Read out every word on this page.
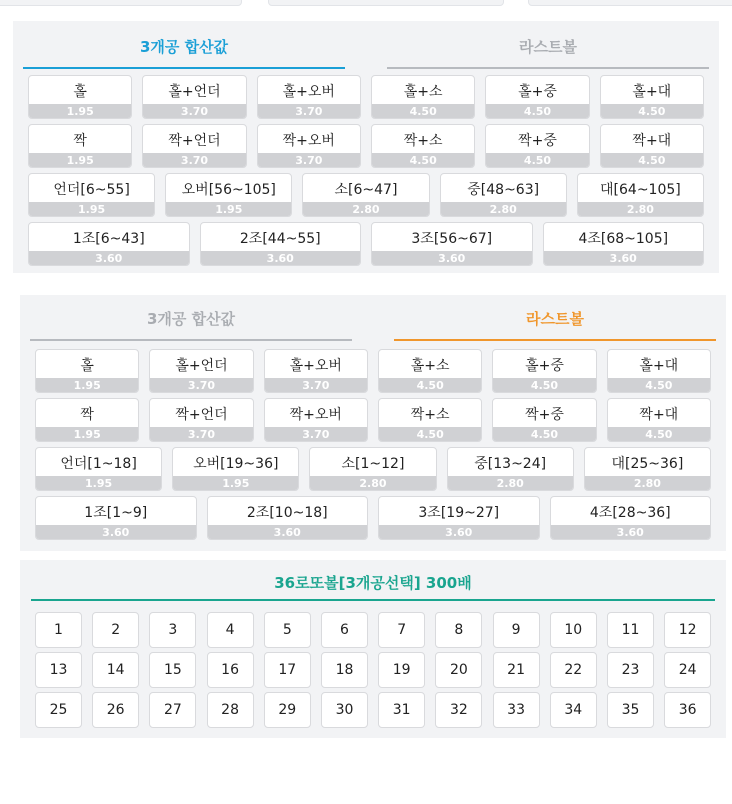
3개공 합산값	라스트볼
홀
1.95
홀+언더
3.70
홀+오버
3.70
홀+소
4.50
홀+중
4.50
홀+대
4.50
짝
1.95
짝+언더
3.70
짝+오버
3.70
짝+소
4.50
짝+중
4.50
짝+대
4.50
언더[6~55]
1.95
오버[56~105]
1.95
소[6~47]
2.80
중[48~63]
2.80
대[64~105]
2.80
1조[6~43]
3.60
2조[44~55]
3.60
3조[56~67]
3.60
4조[68~105]
3.60
3개공 합산값	라스트볼
홀
1.95
홀+언더
3.70
홀+오버
3.70
홀+소
4.50
홀+중
4.50
홀+대
4.50
짝
1.95
짝+언더
3.70
짝+오버
3.70
짝+소
4.50
짝+중
4.50
짝+대
4.50
언더[1~18]
1.95
오버[19~36]
1.95
소[1~12]
2.80
중[13~24]
2.80
대[25~36]
2.80
1조[1~9]
3.60
2조[10~18]
3.60
3조[19~27]
3.60
4조[28~36]
3.60
36로또볼[3개공선택] 300배
1	2	3	4	5	6	7	8	9	10	11	12
13	14	15	16	17	18	19	20	21	22	23	24
25	26	27	28	29	30	31	32	33	34	35	36
